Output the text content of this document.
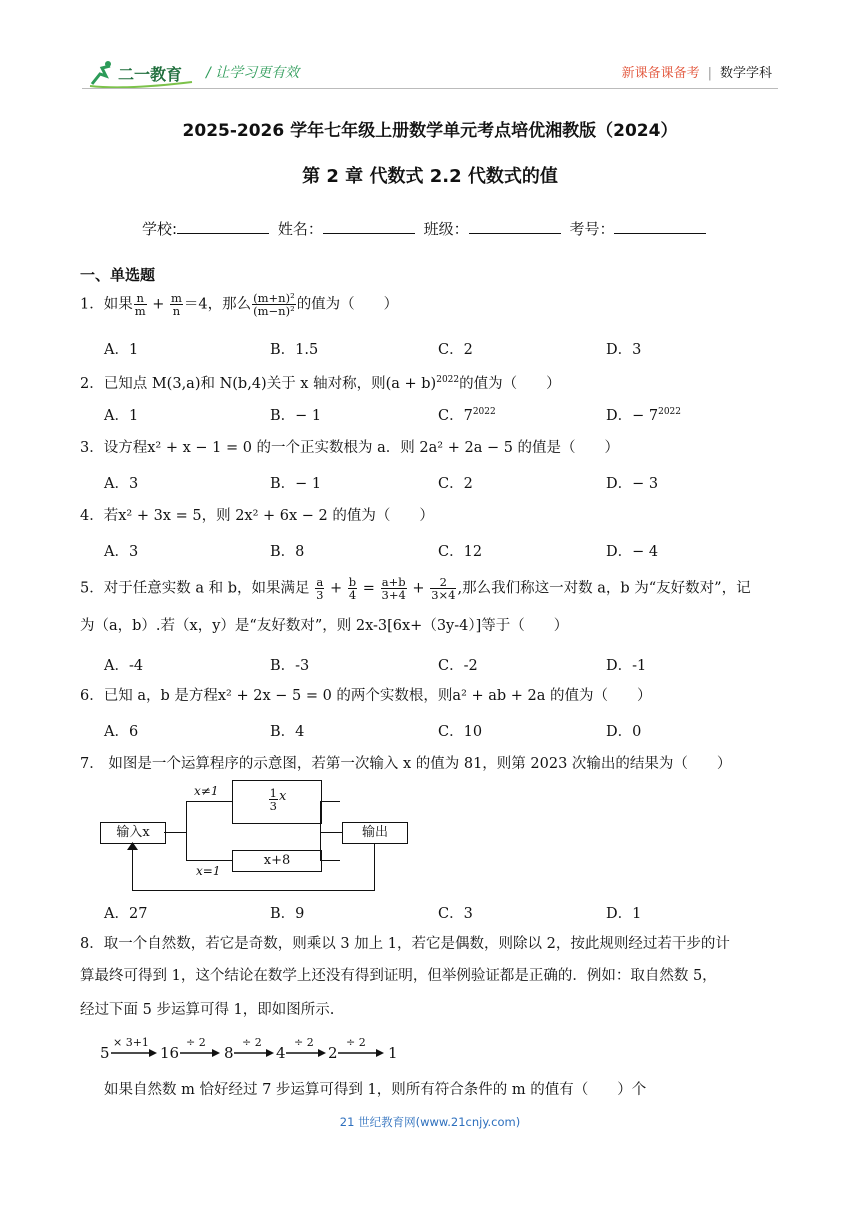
二一教育 / 让学习更有效	新课备课备考 | 数学学科
2025-2026 学年七年级上册数学单元考点培优湘教版（2024）
第 2 章 代数式 2.2 代数式的值
学校:	姓名：	班级：	考号：
一、单选题
1．如果 $\frac{n}{m} + \frac{m}{n} =4$，那么 $\frac{\text{(m+n)²}}{\text{(m−n)²}}$ 的值为（　　）
A．1	B．1.5	C．2	D．3
2．已知点 M(3,a)和 N(b,4)关于 x 轴对称，则$(a + b)^{2022}$的值为（　　）
A．1	B．− 1	C．$7^{2022}$	D．− $7^{2022}$
3．设方程x² + x − 1 = 0 的一个正实数根为 a．则 2a² + 2a − 5 的值是（　　）
A．3	B．− 1	C．2	D．− 3
4．若x² + 3x = 5，则 2x² + 6x − 2 的值为（　　）
A．3	B．8	C．12	D．− 4
5．对于任意实数 a 和 b，如果满足 $\frac{a}{3} + \frac{b}{4} = \frac{a+b}{3+4} + \frac{2}{3\times 4}$ ,那么我们称这一对数 a，b 为“友好数对”，记
为（a，b）.若（x，y）是“友好数对”，则 2x-3[6x+（3y-4）]等于（　　）
A．-4	B．-3	C．-2	D．-1
6．已知 a，b 是方程x² + 2x − 5 = 0 的两个实数根，则a² + ab + 2a 的值为（　　）
A．6	B．4	C．10	D．0
7． 如图是一个运算程序的示意图，若第一次输入 x 的值为 81，则第 2023 次输出的结果为（　　）
输入x	输出
$\frac{1}{3}$ x
x+8
x≠1
x=1
A．27	B．9	C．3	D．1
8．取一个自然数，若它是奇数，则乘以 3 加上 1，若它是偶数，则除以 2，按此规则经过若干步的计
算最终可得到 1，这个结论在数学上还没有得到证明，但举例验证都是正确的．例如：取自然数 5，
经过下面 5 步运算可得 1，即如图所示.
5
× 3+1
16
÷ 2
8
÷ 2
4
÷ 2
2
÷ 2
1
如果自然数 m 恰好经过 7 步运算可得到 1，则所有符合条件的 m 的值有（　　）个
21 世纪教育网(www.21cnjy.com)
